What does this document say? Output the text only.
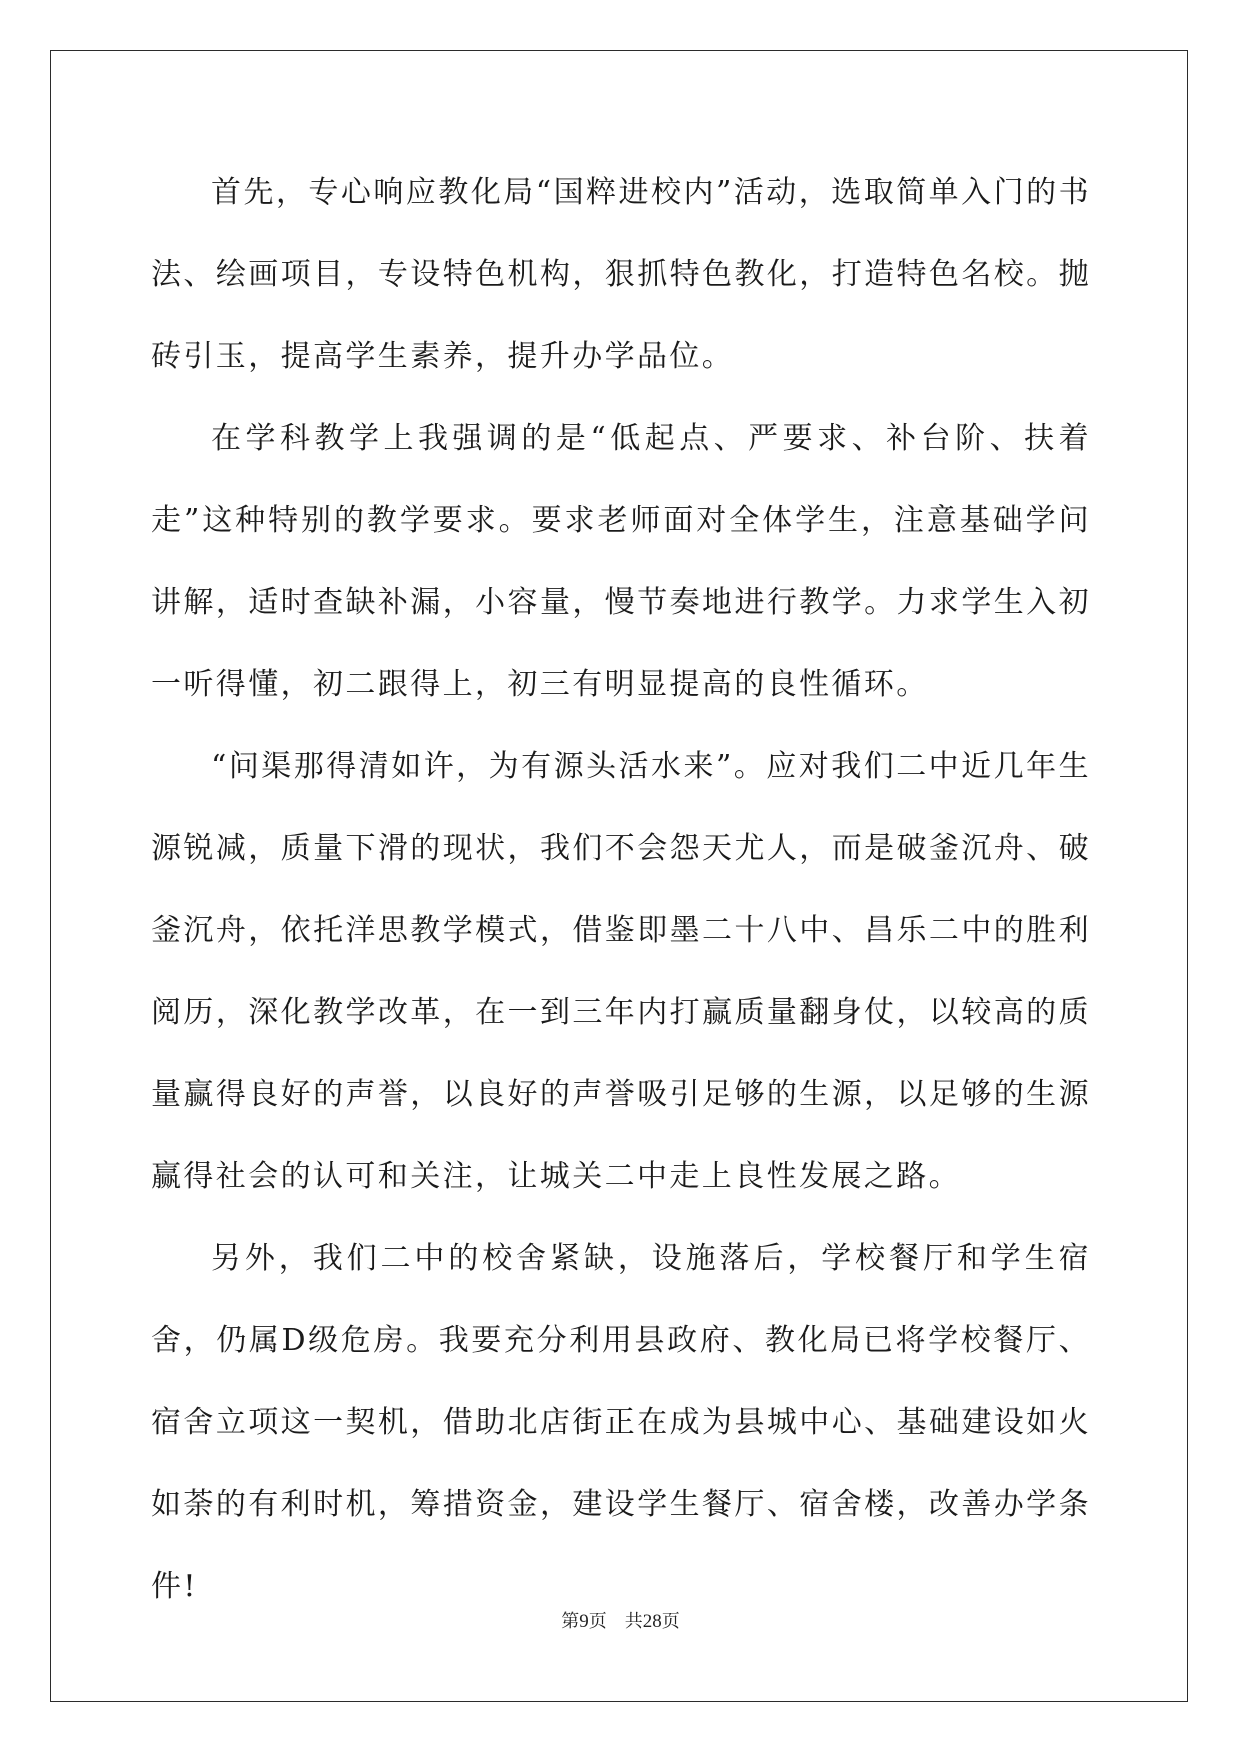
首先，专心响应教化局“国粹进校内”活动，选取简单入门的书法、绘画项目，专设特色机构，狠抓特色教化，打造特色名校。抛砖引玉，提高学生素养，提升办学品位。

在学科教学上我强调的是“低起点、严要求、补台阶、扶着走”这种特别的教学要求。要求老师面对全体学生，注意基础学问讲解，适时查缺补漏，小容量，慢节奏地进行教学。力求学生入初一听得懂，初二跟得上，初三有明显提高的良性循环。

“问渠那得清如许，为有源头活水来”。应对我们二中近几年生源锐减，质量下滑的现状，我们不会怨天尤人，而是破釜沉舟、破釜沉舟，依托洋思教学模式，借鉴即墨二十八中、昌乐二中的胜利阅历，深化教学改革，在一到三年内打赢质量翻身仗，以较高的质量赢得良好的声誉，以良好的声誉吸引足够的生源，以足够的生源赢得社会的认可和关注，让城关二中走上良性发展之路。

另外，我们二中的校舍紧缺，设施落后，学校餐厅和学生宿舍，仍属D级危房。我要充分利用县政府、教化局已将学校餐厅、宿舍立项这一契机，借助北店街正在成为县城中心、基础建设如火如荼的有利时机，筹措资金，建设学生餐厅、宿舍楼，改善办学条件!

第9页 共28页
